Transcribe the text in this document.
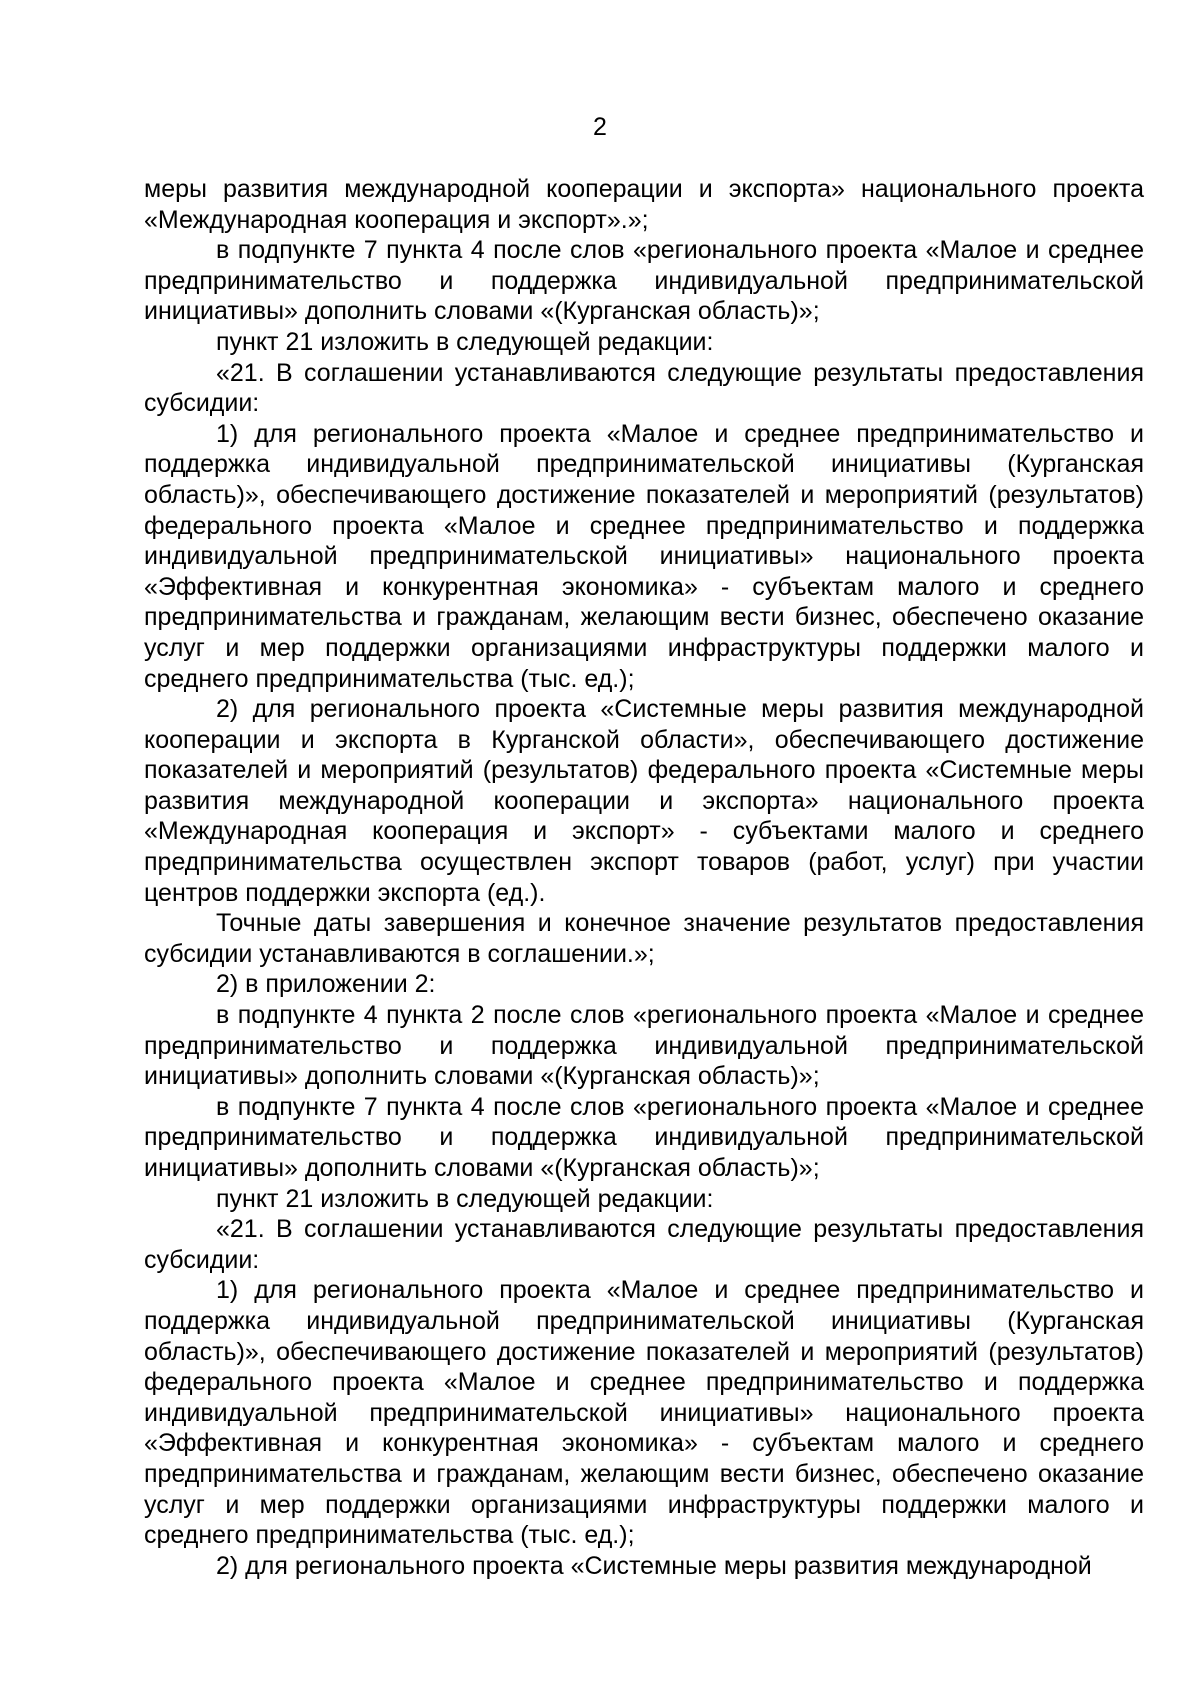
2

меры развития международной кооперации и экспорта» национального проекта «Международная кооперация и экспорт».»;

в подпункте 7 пункта 4 после слов «регионального проекта «Малое и среднее предпринимательство и поддержка индивидуальной предпринимательской инициативы» дополнить словами «(Курганская область)»;

пункт 21 изложить в следующей редакции:

«21. В соглашении устанавливаются следующие результаты предоставления субсидии:

1) для регионального проекта «Малое и среднее предпринимательство и поддержка индивидуальной предпринимательской инициативы (Курганская область)», обеспечивающего достижение показателей и мероприятий (результатов) федерального проекта «Малое и среднее предпринимательство и поддержка индивидуальной предпринимательской инициативы» национального проекта «Эффективная и конкурентная экономика» - субъектам малого и среднего предпринимательства и гражданам, желающим вести бизнес, обеспечено оказание услуг и мер поддержки организациями инфраструктуры поддержки малого и среднего предпринимательства (тыс. ед.);

2) для регионального проекта «Системные меры развития международной кооперации и экспорта в Курганской области», обеспечивающего достижение показателей и мероприятий (результатов) федерального проекта «Системные меры развития международной кооперации и экспорта» национального проекта «Международная кооперация и экспорт» - субъектами малого и среднего предпринимательства осуществлен экспорт товаров (работ, услуг) при участии центров поддержки экспорта (ед.).

Точные даты завершения и конечное значение результатов предоставления субсидии устанавливаются в соглашении.»;

2) в приложении 2:

в подпункте 4 пункта 2 после слов «регионального проекта «Малое и среднее предпринимательство и поддержка индивидуальной предпринимательской инициативы» дополнить словами «(Курганская область)»;

в подпункте 7 пункта 4 после слов «регионального проекта «Малое и среднее предпринимательство и поддержка индивидуальной предпринимательской инициативы» дополнить словами «(Курганская область)»;

пункт 21 изложить в следующей редакции:

«21. В соглашении устанавливаются следующие результаты предоставления субсидии:

1) для регионального проекта «Малое и среднее предпринимательство и поддержка индивидуальной предпринимательской инициативы (Курганская область)», обеспечивающего достижение показателей и мероприятий (результатов) федерального проекта «Малое и среднее предпринимательство и поддержка индивидуальной предпринимательской инициативы» национального проекта «Эффективная и конкурентная экономика» - субъектам малого и среднего предпринимательства и гражданам, желающим вести бизнес, обеспечено оказание услуг и мер поддержки организациями инфраструктуры поддержки малого и среднего предпринимательства (тыс. ед.);

2) для регионального проекта «Системные меры развития международной
